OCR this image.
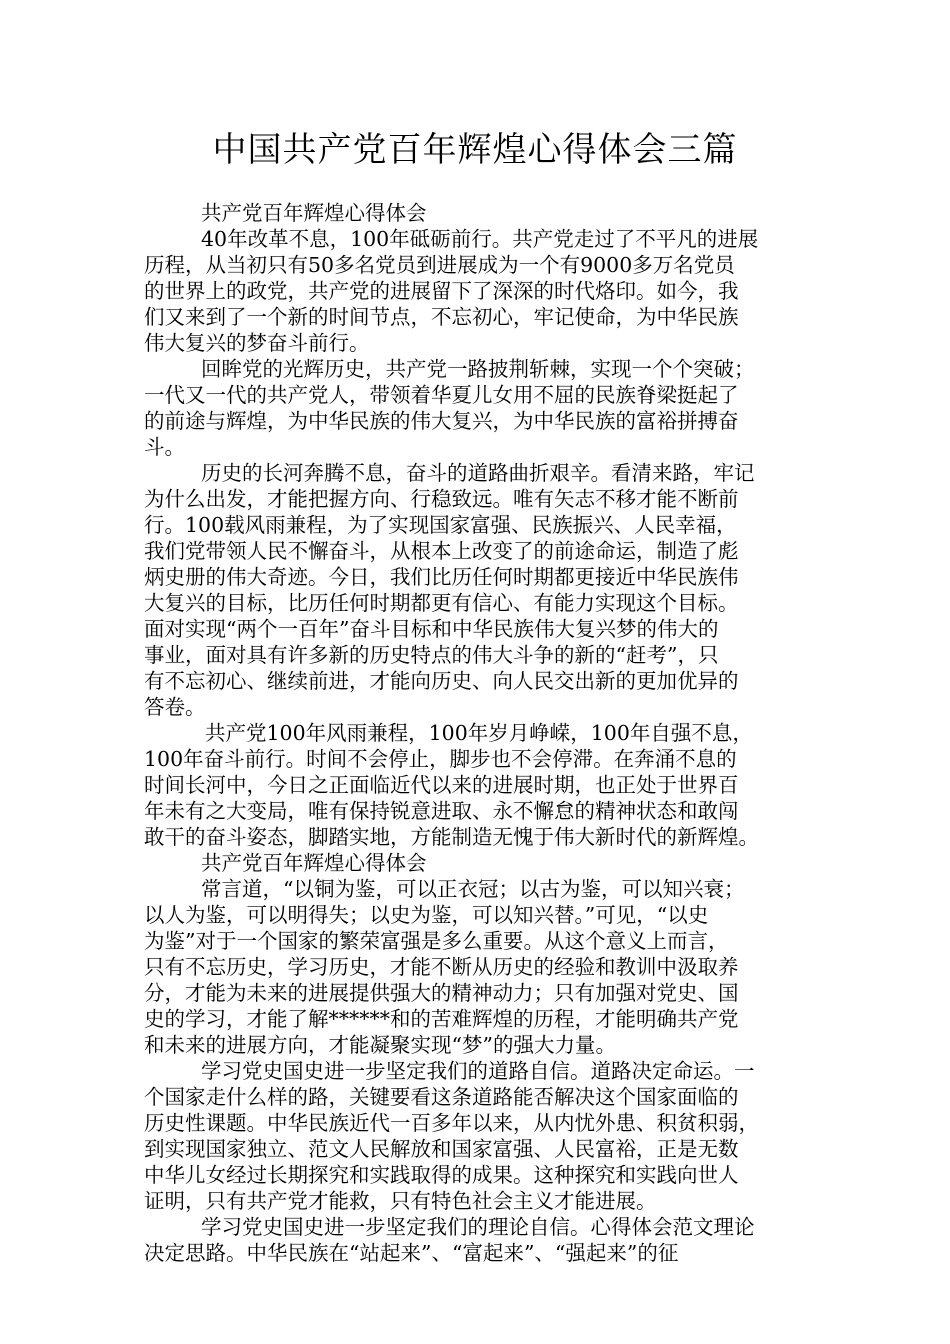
中国共产党百年辉煌心得体会三篇
共产党百年辉煌心得体会
40年改革不息，100年砥砺前行。共产党走过了不平凡的进展
历程，从当初只有50多名党员到进展成为一个有9000多万名党员
的世界上的政党，共产党的进展留下了深深的时代烙印。如今，我
们又来到了一个新的时间节点，不忘初心，牢记使命，为中华民族
伟大复兴的梦奋斗前行。
回眸党的光辉历史，共产党一路披荆斩棘，实现一个个突破；
一代又一代的共产党人，带领着华夏儿女用不屈的民族脊梁挺起了
的前途与辉煌，为中华民族的伟大复兴，为中华民族的富裕拼搏奋
斗。
历史的长河奔腾不息，奋斗的道路曲折艰辛。看清来路，牢记
为什么出发，才能把握方向、行稳致远。唯有矢志不移才能不断前
行。100载风雨兼程，为了实现国家富强、民族振兴、人民幸福，
我们党带领人民不懈奋斗，从根本上改变了的前途命运，制造了彪
炳史册的伟大奇迹。今日，我们比历任何时期都更接近中华民族伟
大复兴的目标，比历任何时期都更有信心、有能力实现这个目标。
面对实现“两个一百年”奋斗目标和中华民族伟大复兴梦的伟大的
事业，面对具有许多新的历史特点的伟大斗争的新的“赶考”，只
有不忘初心、继续前进，才能向历史、向人民交出新的更加优异的
答卷。
共产党100年风雨兼程，100年岁月峥嵘，100年自强不息，
100年奋斗前行。时间不会停止，脚步也不会停滞。在奔涌不息的
时间长河中，今日之正面临近代以来的进展时期，也正处于世界百
年未有之大变局，唯有保持锐意进取、永不懈怠的精神状态和敢闯
敢干的奋斗姿态，脚踏实地，方能制造无愧于伟大新时代的新辉煌。
共产党百年辉煌心得体会
常言道，“以铜为鉴，可以正衣冠；以古为鉴，可以知兴衰；
以人为鉴，可以明得失；以史为鉴，可以知兴替。”可见，“以史
为鉴”对于一个国家的繁荣富强是多么重要。从这个意义上而言，
只有不忘历史，学习历史，才能不断从历史的经验和教训中汲取养
分，才能为未来的进展提供强大的精神动力；只有加强对党史、国
史的学习，才能了解******和的苦难辉煌的历程，才能明确共产党
和未来的进展方向，才能凝聚实现“梦”的强大力量。
学习党史国史进一步坚定我们的道路自信。道路决定命运。一
个国家走什么样的路，关键要看这条道路能否解决这个国家面临的
历史性课题。中华民族近代一百多年以来，从内忧外患、积贫积弱，
到实现国家独立、范文人民解放和国家富强、人民富裕，正是无数
中华儿女经过长期探究和实践取得的成果。这种探究和实践向世人
证明，只有共产党才能救，只有特色社会主义才能进展。
学习党史国史进一步坚定我们的理论自信。心得体会范文理论
决定思路。中华民族在“站起来”、“富起来”、“强起来”的征
